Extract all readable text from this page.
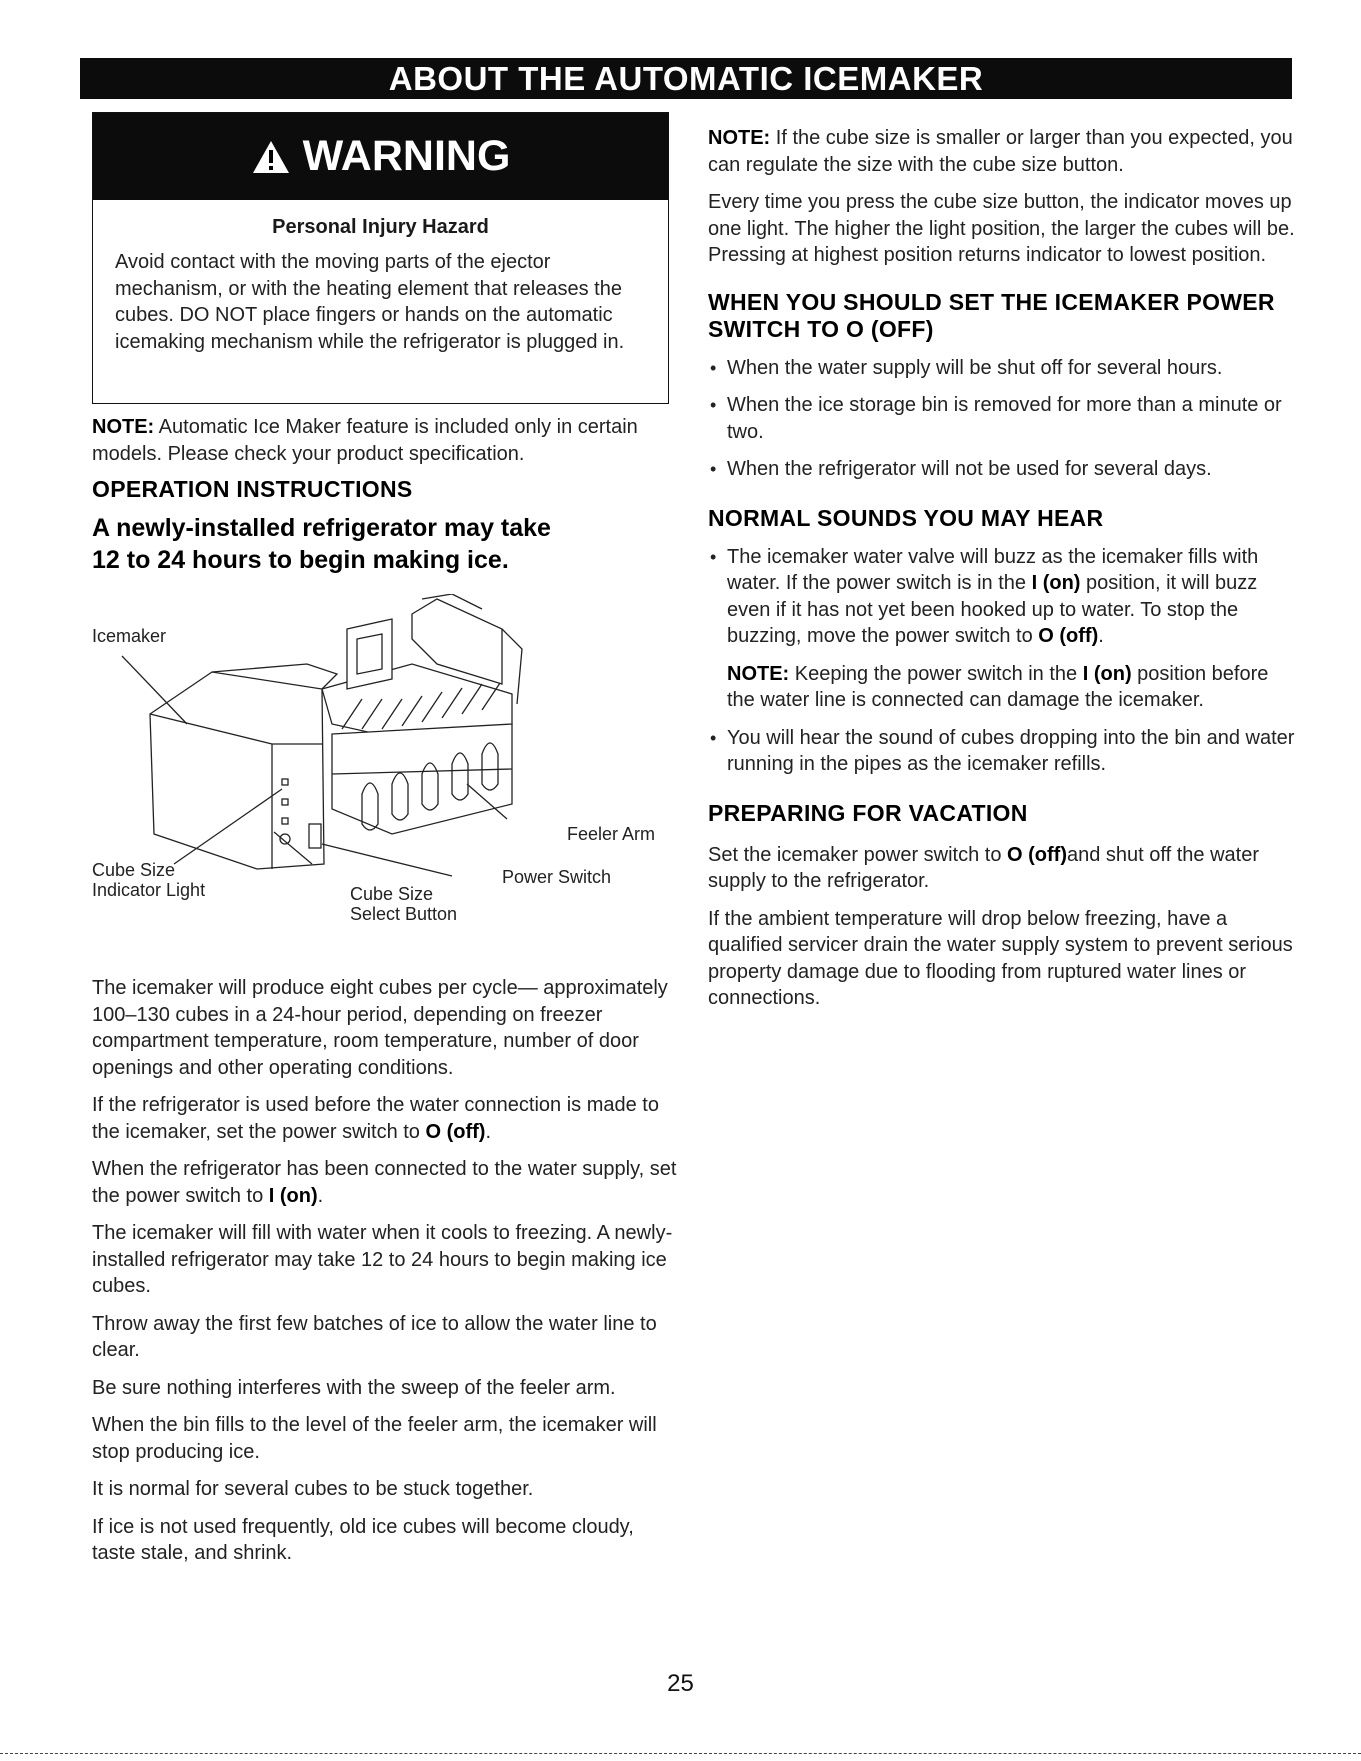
ABOUT THE AUTOMATIC ICEMAKER
WARNING
Personal Injury Hazard
Avoid contact with the moving parts of the ejector mechanism, or with the heating element that releases the cubes. DO NOT place fingers or hands on the automatic icemaking mechanism while the refrigerator is plugged in.

NOTE: Automatic Ice Maker feature is included only in certain models. Please check your product specification.

OPERATION INSTRUCTIONS
A newly-installed refrigerator may take 12 to 24 hours to begin making ice.
Icemaker
Feeler Arm
Power Switch
Cube Size
Indicator Light	Cube Size
Select Button

The icemaker will produce eight cubes per cycle— approximately 100–130 cubes in a 24-hour period, depending on freezer compartment temperature, room temperature, number of door openings and other operating conditions.

If the refrigerator is used before the water connection is made to the icemaker, set the power switch to O (off).

When the refrigerator has been connected to the water supply, set the power switch to I (on).

The icemaker will fill with water when it cools to freezing. A newly-installed refrigerator may take 12 to 24 hours to begin making ice cubes.

Throw away the first few batches of ice to allow the water line to clear.

Be sure nothing interferes with the sweep of the feeler arm.

When the bin fills to the level of the feeler arm, the icemaker will stop producing ice.

It is normal for several cubes to be stuck together.

If ice is not used frequently, old ice cubes will become cloudy, taste stale, and shrink.

NOTE: If the cube size is smaller or larger than you expected, you can regulate the size with the cube size button.

Every time you press the cube size button, the indicator moves up one light. The higher the light position, the larger the cubes will be. Pressing at highest position returns indicator to lowest position.

WHEN YOU SHOULD SET THE ICEMAKER POWER SWITCH TO O (OFF)
• When the water supply will be shut off for several hours.
• When the ice storage bin is removed for more than a minute or two.
• When the refrigerator will not be used for several days.
NORMAL SOUNDS YOU MAY HEAR
• The icemaker water valve will buzz as the icemaker fills with water. If the power switch is in the I (on) position, it will buzz even if it has not yet been hooked up to water. To stop the buzzing, move the power switch to O (off).
NOTE: Keeping the power switch in the I (on) position before the water line is connected can damage the icemaker.
• You will hear the sound of cubes dropping into the bin and water running in the pipes as the icemaker refills.
PREPARING FOR VACATION

Set the icemaker power switch to O (off)and shut off the water supply to the refrigerator.

If the ambient temperature will drop below freezing, have a qualified servicer drain the water supply system to prevent serious property damage due to flooding from ruptured water lines or connections.

25
